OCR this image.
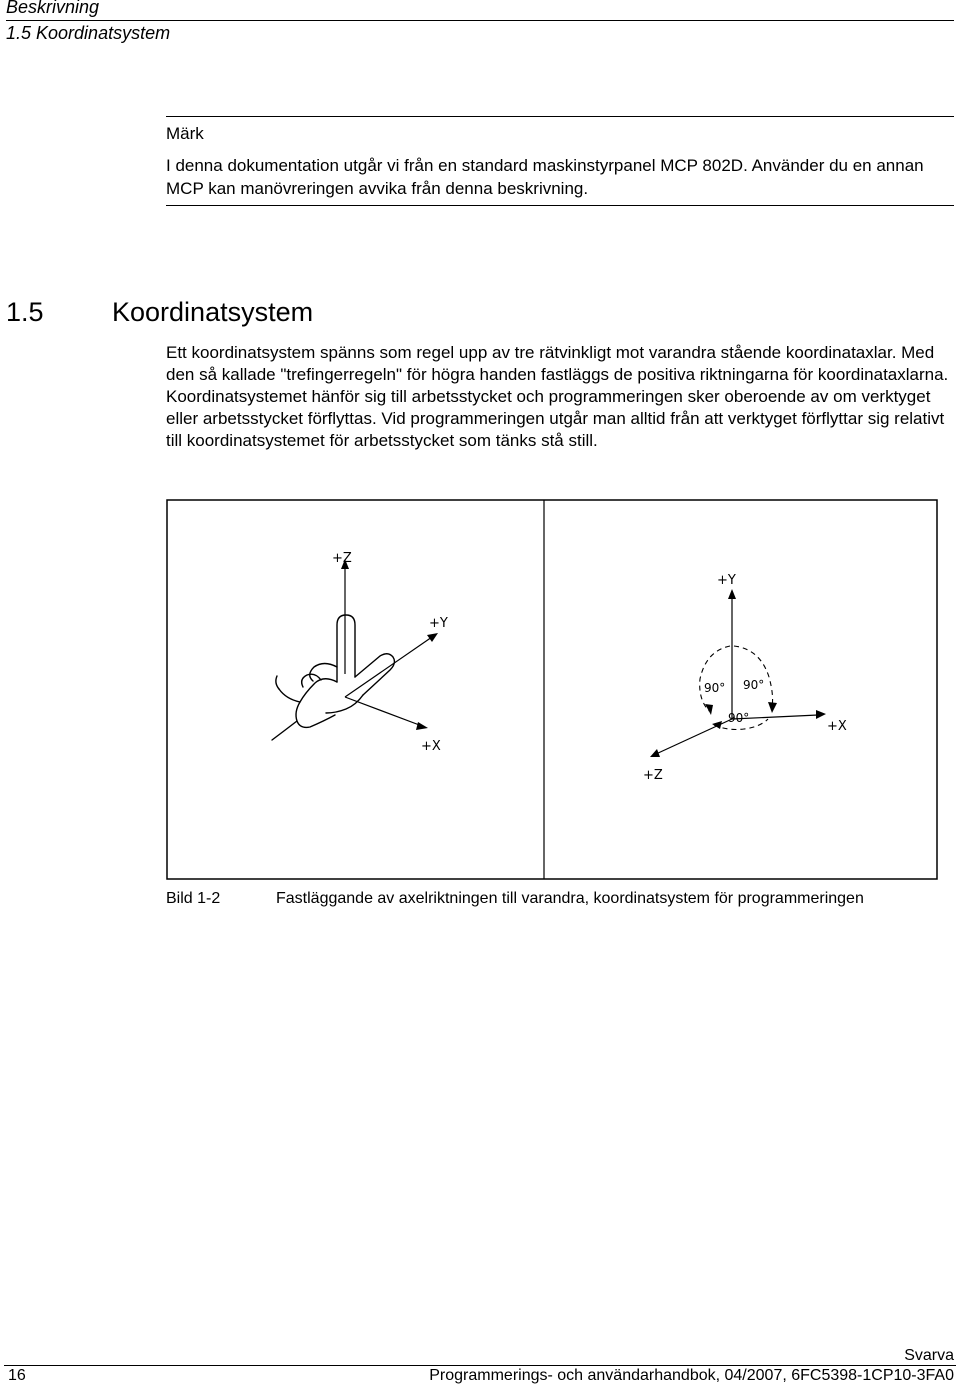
Beskrivning
1.5 Koordinatsystem
Märk
I denna dokumentation utgår vi från en standard maskinstyrpanel MCP 802D. Använder du en annan MCP kan manövreringen avvika från denna beskrivning.
1.5	Koordinatsystem
Ett koordinatsystem spänns som regel upp av tre rätvinkligt mot varandra stående koordinataxlar. Med den så kallade "trefingerregeln" för högra handen fastläggs de positiva riktningarna för koordinataxlarna. Koordinatsystemet hänför sig till arbetsstycket och programmeringen sker oberoende av om verktyget eller arbetsstycket förflyttas. Vid programmeringen utgår man alltid från att verktyget förflyttar sig relativt till koordinatsystemet för arbetsstycket som tänks stå still.
+Z
+Y
+X
+Y
+X
+Z
90° 90°
90°
Bild 1-2	Fastläggande av axelriktningen till varandra, koordinatsystem för programmeringen
Svarva
16	Programmerings- och användarhandbok, 04/2007, 6FC5398-1CP10-3FA0
